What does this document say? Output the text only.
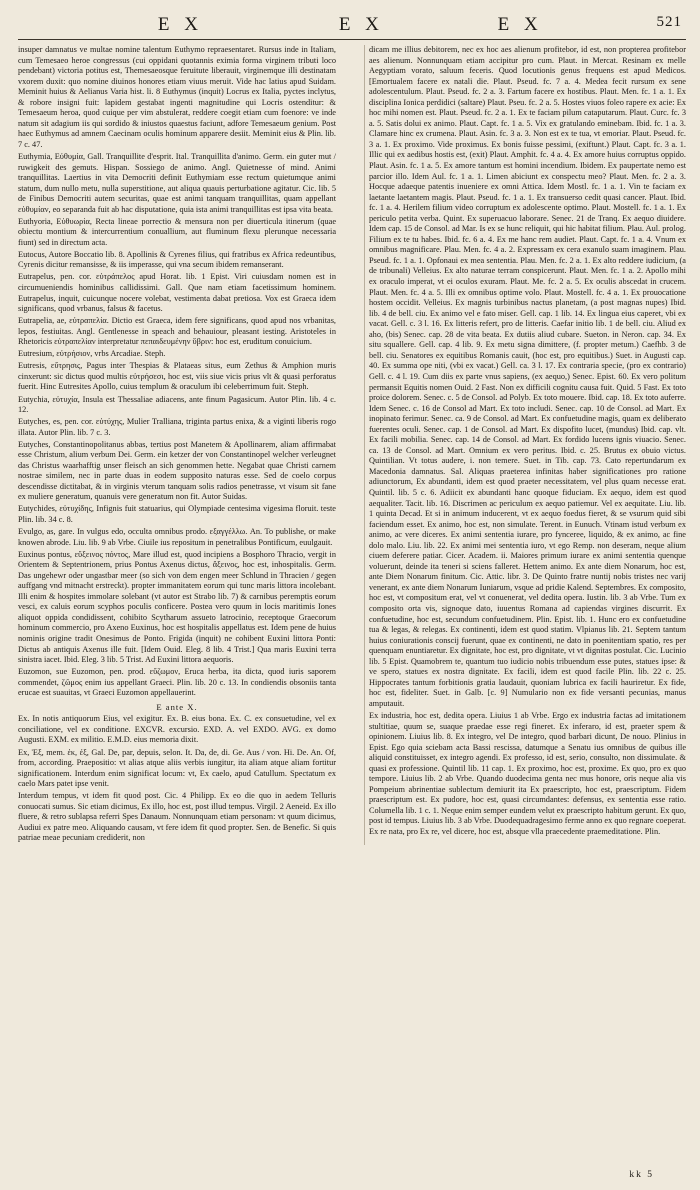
E X	E X	E X	521

insuper damnatus ve multae nomine talentum Euthymo repraesentaret. Rursus inde in Italiam, cum Temesaeo heroe congressus (cui oppidani quotannis eximia forma virginem tributi loco pendebant) victoria potitus est, Themesaeosque feruitute liberauit, virginemque illi destinatam vxorem duxit: quo nomine diuinos honores etiam viuus meruit. Vide hac latius apud Suidam. Meminit huius & Aelianus Varia hist. li. 8 Euthymus (inquit) Locrus ex Italia, pyctes inclytus, & robore insigni fuit: lapidem gestabat ingenti magnitudine qui Locris ostenditur: & Temesaeum heroa, quod cuique per vim abstulerat, reddere coegit etiam cum foenore: ve inde natum sit adagium iis qui sordido & iniustos quaestus faciunt, adfore Temesaeum genium. Post haec Euthymus ad amnem Caecinam oculis hominum apparere desiit. Meminit eius & Plin. lib. 7 c. 47.

Euthymia, Εὐθυμία, Gall. Tranquillite d'esprit. Ital. Tranquillita d'animo. Germ. ein guter mut / ruwigkeit des gemuts. Hispan. Sossiego de animo. Angl. Quietnesse of mind. Animi tranquillitas. Laertius in vita Democriti definit Euthymiam esse rectum quietumque animi statum, dum nullo metu, nulla superstitione, aut aliqua quauis perturbatione agitatur. Cic. lib. 5 de Finibus Democriti autem securitas, quae est animi tanquam tranquillitas, quam appellant εὐθυμίαν, eo separanda fuit ab hac disputatione, quia ista animi tranquillitas est ipsa vita beata.

Euthyoria, Εὐθυωρία, Recta lineae porrectio & mensura non per diuerticula itinerum (quae obiectu montium & intercurrentium conuallium, aut fluminum flexu plerunque necessaria fiunt) sed in directum acta.

Eutocus, Autore Boccatio lib. 8. Apollinis & Cyrenes filius, qui fratribus ex Africa redeuntibus, Cyrenis dicitur remansisse, & iis imperasse, qui vna secum ibidem remanserant.

Eutrapelus, pen. cor. εὐτράπελος apud Horat. lib. 1 Epist. Viri cuiusdam nomen est in circumueniendis hominibus callidissimi. Gall. Que nam etiam facetissimum hominem. Eutrapelus, inquit, cuicunque nocere volebat, vestimenta dabat pretiosa. Vox est Graeca idem significans, quod vrbanus, falsus & facetus.

Eutrapelia, ae, εὐτραπελία. Dictio est Graeca, idem fere significans, quod apud nos vrbanitas, lepos, festiuitas. Angl. Gentlenesse in speach and behauiour, pleasant iesting. Aristoteles in Rhetoricis εὐτραπελίαν interpretatur πεπαιδευμένην ὕβριν: hoc est, eruditum conuicium.

Eutresium, εὐτρήσιον, vrbs Arcadiae. Steph.

Eutresis, εὔτρησις, Pagus inter Thespias & Plataeas situs, eum Zethus & Amphion muris cinxerunt: sic dictus quod multis εὐτρήσεσι, hoc est, viis siue vicis prius vlt & quasi perforatus fuerit. Hinc Eutresites Apollo, cuius templum & oraculum ibi celeberrimum fuit. Steph.

Eutychia, εὐτυχία, Insula est Thessaliae adiacens, ante finum Pagasicum. Autor Plin. lib. 4 c. 12.

Eutyches, es, pen. cor. εὐτύχης, Mulier Tralliana, triginta partus enixa, & a viginti liberis rogo illata. Autor Plin. lib. 7 c. 3.

Eutyches, Constantinopolitanus abbas, tertius post Manetem & Apollinarem, aliam affirmabat esse Christum, alium verbum Dei. Germ. ein ketzer der von Constantinopel welcher verleugnet das Christus waarhafftig unser fleisch an sich genommen hette. Negabat quae Christi carnem nostrae similem, nec in parte duas in eodem supposito naturas esse. Sed de coelo corpus descendisse dictitabat, & in virginis vterum tanquam solis radios penetrasse, vt visum sit fane ex muliere generatum, quanuis vere generatum non fit. Autor Suidas.

Eutychides, εὐτυχίδης, Infignis fuit statuarius, qui Olympiade centesima vigesima floruit. teste Plin. lib. 34 c. 8.

Evulgo, as, gare. In vulgus edo, occulta omnibus prodo. εξαγγέλλω. An. To publishe, or make knowen abrode. Liu. lib. 9 ab Vrbe. Ciuile ius repositum in penetralibus Pontificum, euulgauit.

Euxinus pontus, εὔξεινος πόντος, Mare illud est, quod incipiens a Bosphoro Thracio, vergit in Orientem & Septentrionem, prius Pontus Axenus dictus, ἄξεινος, hoc est, inhospitalis. Germ. Das ungehewr oder ungastbar meer (so sich von dem engen meer Schlund in Thracien / gegen auffgang vnd mitnacht erstreckt). propter immanitatem eorum qui tunc maris littora incolebant. Illi enim & hospites immolare solebant (vt autor est Strabo lib. 7) & carnibus peremptis eorum vesci, ex caluis eorum scyphos poculis conficere. Postea vero quum in locis maritimis Iones aliquot oppida condidissent, cohibito Scytharum assueto latrocinio, receptoque Graecorum hominum commercio, pro Axeno Euxinus, hoc est hospitalis appellatus est. Idem pene de huius nominis origine tradit Onesimus de Ponto. Frigida (inquit) ne cohibent Euxini littora Ponti: Dictus ab antiquis Axenus ille fuit. [Idem Ouid. Eleg. 8 lib. 4 Trist.] Qua maris Euxini terra sinistra iacet. Ibid. Eleg. 3 lib. 5 Trist. Ad Euxini littora aequoris.

Euzomon, sue Euzomon, pen. prod. εὔζωμον, Eruca herba, ita dicta, quod iuris saporem commendet, ζῶμος enim ius appellant Graeci. Plin. lib. 20 c. 13. In condiendis obsoniis tanta erucae est suauitas, vt Graeci Euzomon appellauerint.

E ante X.

Ex. In notis antiquorum Eius, vel exigitur. Ex. B. eius bona. Ex. C. ex consuetudine, vel ex conciliatione, vel ex conditione. EXCVR. excursio. EXD. A. vel EXDO. AVG. ex domo Augusti. EXM. ex militio. E.M.D. eius memoria dixit.

Ex, Ἐξ, mem. ἐκ, ἐξ, Gal. De, par, depuis, selon. It. Da, de, di. Ge. Aus / von. Hi. De. An. Of, from, according. Praepositio: vt alias atque aliis verbis iungitur, ita aliam atque aliam fortitur significationem. Interdum enim significat locum: vt, Ex caelo, apud Catullum. Spectatum ex caelo Mars patet ipse venit.

Interdum tempus, vt idem fit quod post. Cic. 4 Philipp. Ex eo die quo in aedem Telluris conuocati sumus. Sic etiam dicimus, Ex illo, hoc est, post illud tempus. Virgil. 2 Aeneid. Ex illo fluere, & retro sublapsa referri Spes Danaum. Nonnunquam etiam personam: vt quum dicimus, Audiui ex patre meo. Aliquando causam, vt fere idem fit quod propter. Sen. de Benefic. Si quis patriae meae pecuniam crediderit, non

dicam me illius debitorem, nec ex hoc aes alienum profitebor, id est, non propterea profitebor aes alienum. Nonnunquam etiam accipitur pro cum. Plaut. in Mercat. Resinam ex melle Aegyptiam vorato, saluum feceris. Quod locutionis genus frequens est apud Medicos. [Emortualem facere ex natali die. Plaut. Pseud. fc. 7 a. 4. Medea fecit rursum ex sene adolescentulum. Plaut. Pseud. fc. 2 a. 3. Fartum facere ex hostibus. Plaut. Men. fc. 1 a. 1. Ex disciplina Ionica perdidici (saltare) Plaut. Pseu. fc. 2 a. 5. Hostes viuos foleo rapere ex acie: Ex hoc mihi nomen est. Plaut. Pseud. fc. 2 a. 1. Ex te faciam pilum cataputarum. Plaut. Curc. fc. 3 a. 5. Satis dolui ex animo. Plaut. Capt. fc. 1 a. 5. Vix ex gratulando eminebam. Ibid. fc. 1 a. 3. Clamare hinc ex crumena. Plaut. Asin. fc. 3 a. 3. Non est ex te tua, vt emoriar. Plaut. Pseud. fc. 3 a. 1. Ex proximo. Vide proximus. Ex bonis fuisse pessimi, (exiftunt.) Plaut. Capt. fc. 3 a. 1. Illic qui ex aedibus hostis est, (exit) Plaut. Amphit. fc. 4 a. 4. Ex amore huius corruptus oppido. Plaut. Asin. fc. 1 a. 5. Ex amore tantum est homini incendium. Ibidem. Ex paupertate nemo est parcior illo. Idem Aul. fc. 1 a. 1. Limen abiciunt ex conspectu meo? Plaut. Men. fc. 2 a. 3. Hocque adaeque patentis inueniere ex omni Attica. Idem Mostl. fc. 1 a. 1. Vin te faciam ex laetante laetantem magis. Plaut. Pseud. fc. 1 a. 1. Ex transuerso cedit quasi cancer. Plaut. Ibid. fc. 1 a. 4. Herilem filium video corruptum ex adolescente optimo. Plaut. Mostell. fc. 1 a. 1. Ex periculo petita verba. Quint. Ex superuacuo laborare. Senec. 21 de Tranq. Ex aequo diuidere. Idem cap. 15 de Consol. ad Mar. Is ex se hunc reliquit, qui hic habitat filium. Plau. Aul. prolog. Filium ex te tu habes. Ibid. fc. 6 a. 4. Ex me hanc rem audiet. Plaut. Capt. fc. 1 a. 4. Vnum ex omnibus magnificare. Plau. Men. fc. 4 a. 2. Expressam ex cera exanulo suam imaginem. Plau. Pseud. fc. 1 a. 1. Opfonaui ex mea sententia. Plau. Men. fc. 2 a. 1. Ex alto reddere iudicium, (a de tribunali) Velleius. Ex alto naturae terram conspicerunt. Plaut. Men. fc. 1 a. 2. Apollo mihi ex oraculo imperat, vt ei oculos exuram. Plaut. Me. fc. 2 a. 5. Ex oculis abscedat in crucem. Plaut. Men. fc. 4 a. 5. Illi ex omnibus optime volo. Plaut. Mostell. fc. 4 a. 1. Ex prouocatione hostem occidit. Velleius. Ex magnis turbinibus nactus planetam, (a post magnas nupes) Ibid. lib. 4 de bell. ciu. Ex animo vel e fato miser. Gell. cap. 1 lib. 14. Ex lingua eius caperet, vbi ex vacat. Gell. c. 3 l. 16. Ex litteris refert, pro de litteris. Caefar initio lib. 1 de bell. ciu. Aliud ex aho, (bis) Senec. cap. 28 de vita beata. Ex dutiis aliud cubare. Sueton. in Neron. cap. 34. Ex situ squallere. Gell. cap. 4 lib. 9. Ex metu signa dimittere, (f. propter metum.) Caefhb. 3 de bell. ciu. Senatores ex equitibus Romanis cauit, (hoc est, pro equitibus.) Suet. in Augusti cap. 40. Ex summa ope niti, (vbi ex vacat.) Gell. ca. 3 l. 17. Ex contraria specie, (pro ex contrario) Gell. c. 4 l. 19. Cum diis ex parte vnus sapiens, (ex aequo,) Senec. Epist. 60. Ex vero politum permansit Equitis nomen Ouid. 2 Fast. Non ex difficili cognitu causa fuit. Quid. 5 Fast. Ex toto proice dolorem. Senec. c. 5 de Consol. ad Polyb. Ex toto mouere. Ibid. cap. 18. Ex toto auferre. Idem Senec. c. 16 de Consol ad Mart. Ex toto includi. Senec. cap. 10 de Consol. ad Mart. Ex inopinato ferimur. Senec. ca. 9 de Consol. ad Mart. Ex confuetudine magis, quam ex deliberato fuerentes oculi. Senec. cap. 1 de Consol. ad Mart. Ex dispofito lucet, (mundus) Ibid. cap. vlt. Ex facili mobilia. Senec. cap. 14 de Consol. ad Mart. Ex fordido lucens ignis viuacio. Senec. ca. 13 de Consol. ad Mart. Omnium ex vero peritus. Ibid. c. 25. Brutus ex obuio victus. Quintilian. Vt totus audere, i. non temere. Suet. in Tib. cap. 73. Cato repertundarum ex Macedonia damnatus. Sal. Aliquas praeterea infinitas haber significationes pro ratione adiunctorum, Ex abundanti, idem est quod praeter necessitatem, vel plus quam necesse erat. Quintil. lib. 5 c. 6. Adiicit ex abundanti hanc quoque fiduciam. Ex aequo, idem est quod aequaliter. Tacit. lib. 16. Discrimen ac periculum ex aequo patiemur. Vel ex aequitate. Liu. lib. 1 quinta Decad. Et si in animum inducerent, vt ex aequo foedus fieret, & se vsurum quid sibi faciendum esset. Ex animo, hoc est, non simulate. Terent. in Eunuch. Vtinam istud verbum ex animo, ac vere diceres. Ex animi sententia iurare, pro fynceree, liquido, & ex animo, ac fine dolo malo. Liu. lib. 22. Ex animi mei sententia iuro, vt ego Remp. non deseram, neque alium ciuem deferere patiar. Cicer. Academ. ii. Maiores primum iurare ex animi sententia quenque voluerunt, deinde ita teneri si sciens falleret. Hettem animo. Ex ante diem Nonarum, hoc est, ante Diem Nonarum finitum. Cic. Attic. libr. 3. De Quinto fratre nuntij nobis tristes nec varij venerant, ex ante diem Nonarum Iuniarum, vsque ad pridie Kalend. Septembres. Ex composito, hoc est, vt compositum erat, vel vt conuenerat, vel dedita opera. Iustin. lib. 3 ab Vrbe. Tum ex composito orta vis, signoque dato, iuuentus Romana ad capiendas virgines discurrit. Ex confuetudine, hoc est, secundum confuetudinem. Plin. Epist. lib. 1. Hunc ero ex confuetudine tua & legas, & relegas. Ex continenti, idem est quod statim. Vlpianus lib. 21. Septem tantum huius coniurationis conscij fuerunt, quae ex continenti, ne dato in poenitentiam spatio, res per quenquam enuntiaretur. Ex dignitate, hoc est, pro dignitate, vt vt dignitas postulat. Cic. Lucinio lib. 5 Epist. Quamobrem te, quantum tuo iudicio nobis tribuendum esse putes, statues ipse: & ve spero, statues ex nostra dignitate. Ex facili, idem est quod facile Plin. lib. 22 c. 25. Hippocrates tantum forbitionis gratia laudauit, quoniam lubrica ex facili hauriretur. Ex fide, hoc est, fideliter. Suet. in Galb. [c. 9] Numulario non ex fide versanti pecunias, manus amputauit.

Ex industria, hoc est, dedita opera. Liuius 1 ab Vrbe. Ergo ex industria factas ad imitationem stultitiae, quum se, suaque praedae esse regi fineret. Ex inferaro, id est, praeter spem & opinionem. Liuius lib. 8. Ex integro, vel De integro, quod barbari dicunt, De nouo. Plinius in Epist. Ego quia sciebam acta Bassi rescissa, datumque a Senatu ius omnibus de quibus ille aliquid constituisset, ex integro agendi. Ex professo, id est, serio, consulto, non dissimulate. & quasi ex professione. Quintil lib. 11 cap. 1. Ex proximo, hoc est, proxime. Ex quo, pro ex quo tempore. Liuius lib. 2 ab Vrbe. Quando duodecima genta nec mus honore, oris neque alia vis Pompeium abrinentiae sublectum demiurit ita Ex praescripto, hoc est, praescriptum. Fidem praescriptum est. Ex pudore, hoc est, quasi circumdantes: defensus, ex sententia esse ratio. Columella lib. 1 c. 1. Neque enim semper eundem velut ex praescripto habitum gerunt. Ex quo, post id tempus. Liuius lib. 3 ab Vrbe. Duodequadragesimo ferme anno ex quo regnare coeperat. Ex re nata, pro Ex re, vel dicere, hoc est, absque vlla praecedente praemeditatione. Plin.

kk 5
